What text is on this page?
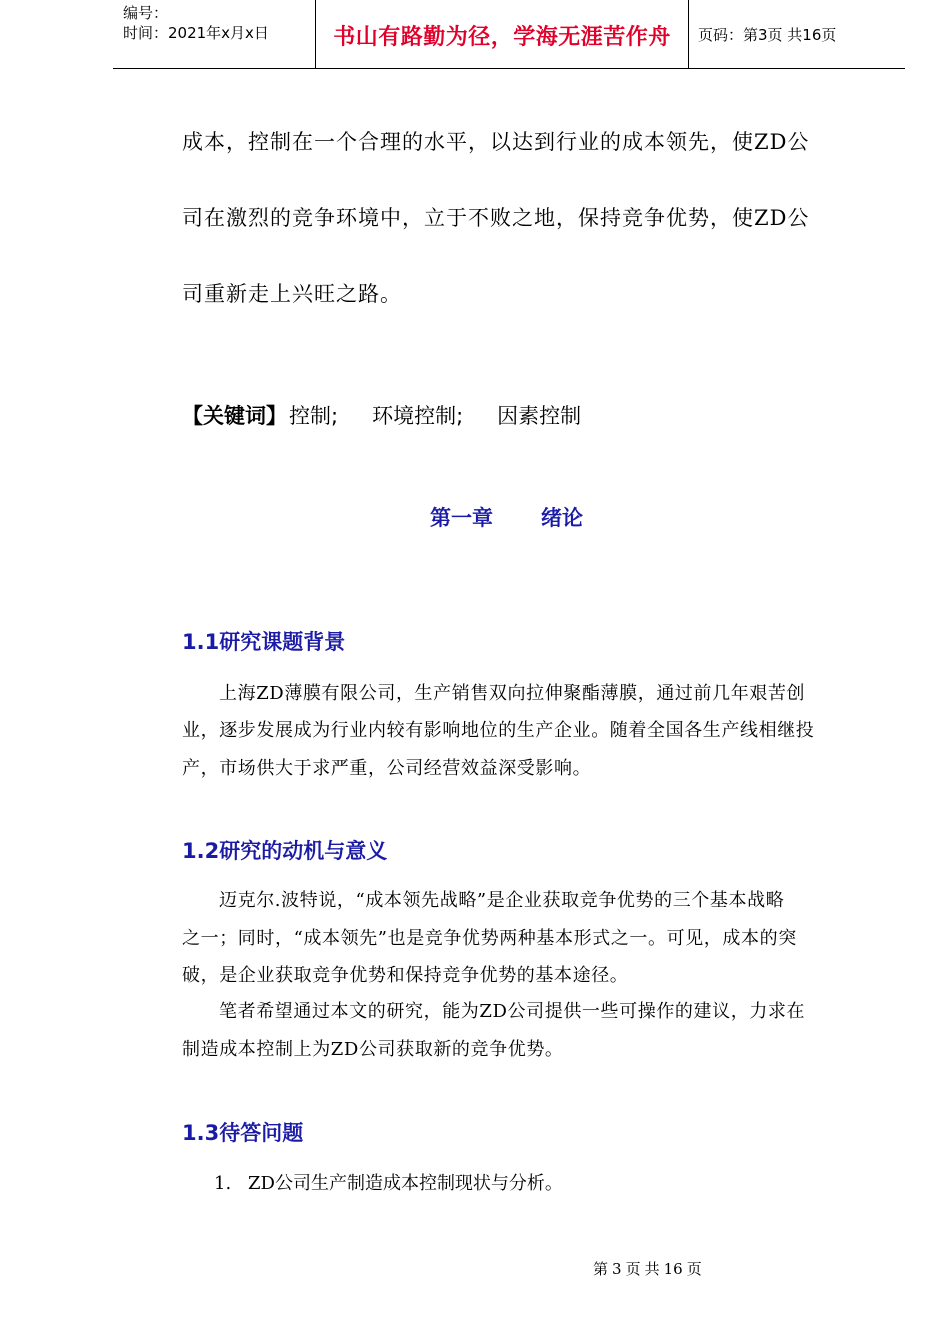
编号：
时间：2021年x月x日	书山有路勤为径，学海无涯苦作舟	页码：第3页 共16页
成本，控制在一个合理的水平，以达到行业的成本领先，使ZD公
司在激烈的竞争环境中，立于不败之地，保持竞争优势，使ZD公
司重新走上兴旺之路。
【关键词】控制; 环境控制; 因素控制
第一章 绪论
1.1研究课题背景
上海ZD薄膜有限公司，生产销售双向拉伸聚酯薄膜，通过前几年艰苦创
业，逐步发展成为行业内较有影响地位的生产企业。随着全国各生产线相继投
产，市场供大于求严重，公司经营效益深受影响。
1.2研究的动机与意义
迈克尔.波特说，“成本领先战略”是企业获取竞争优势的三个基本战略
之一；同时，“成本领先”也是竞争优势两种基本形式之一。可见，成本的突
破，是企业获取竞争优势和保持竞争优势的基本途径。
笔者希望通过本文的研究，能为ZD公司提供一些可操作的建议，力求在
制造成本控制上为ZD公司获取新的竞争优势。
1.3待答问题
1. ZD公司生产制造成本控制现状与分析。
第 3 页 共 16 页
